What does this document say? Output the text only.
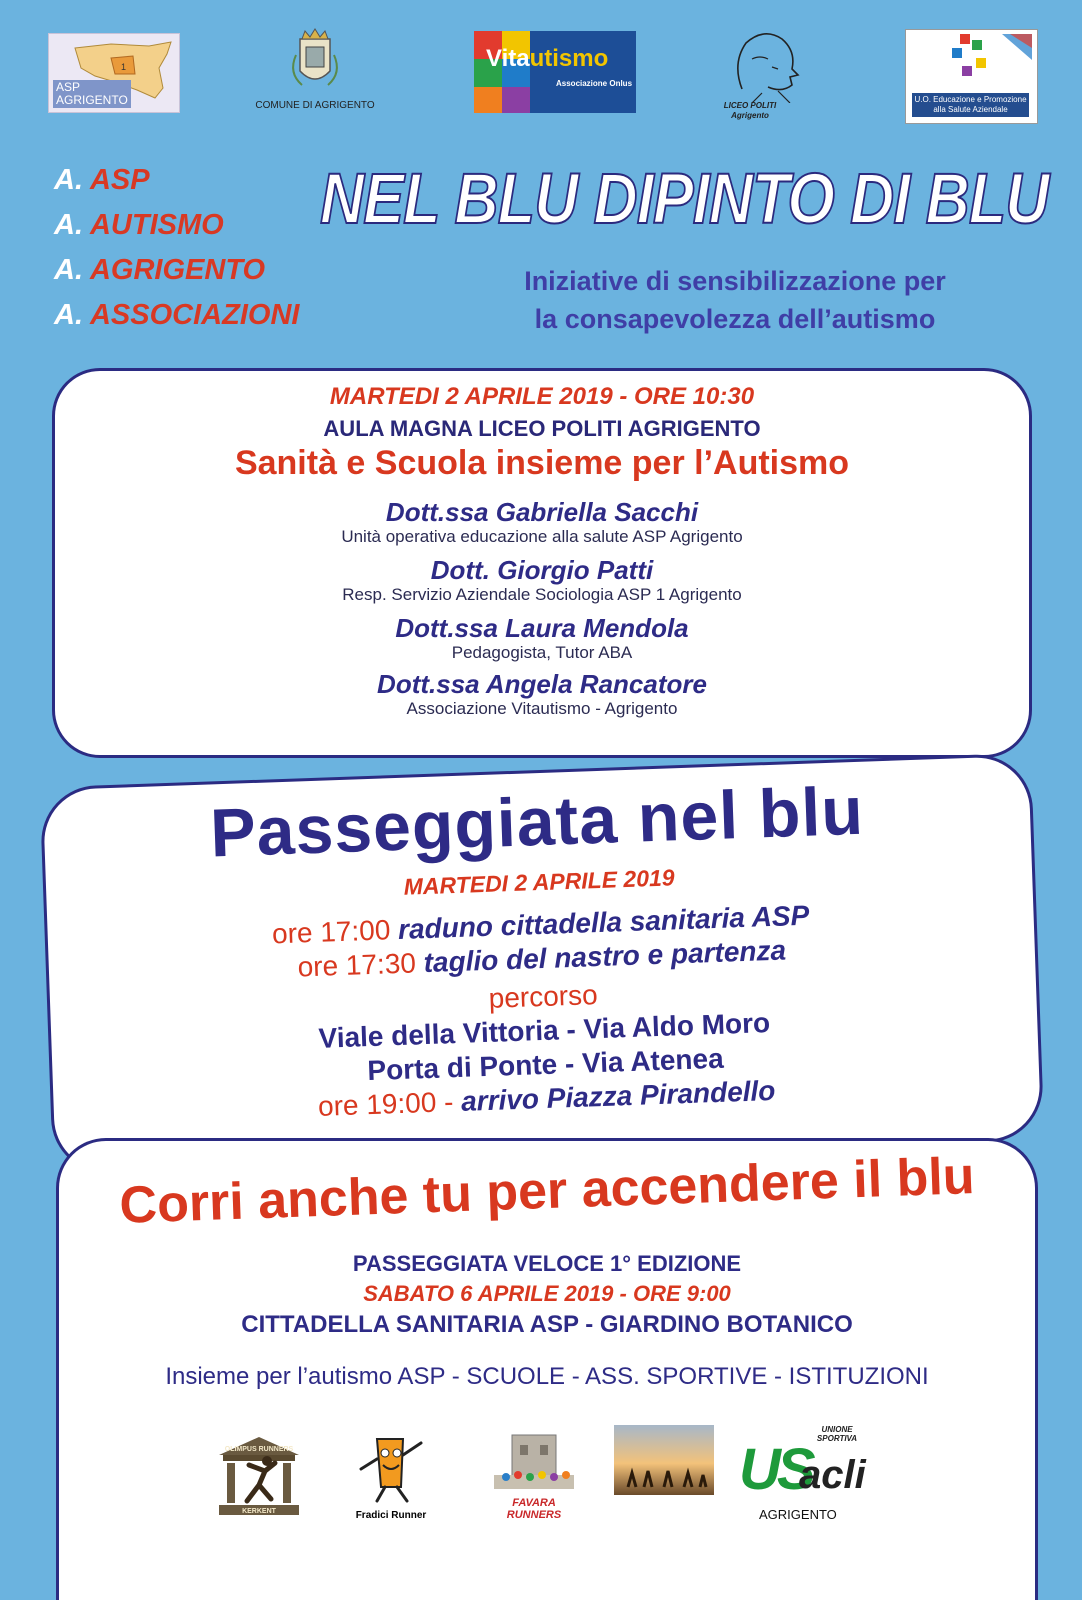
1
ASP
AGRIGENTO	COMUNE DI AGRIGENTO
Vitautismo
Associazione Onlus
LICEO POLITI
Agrigento
U.O. Educazione e Promozione
alla Salute Aziendale
A. ASP
A. AUTISMO
A. AGRIGENTO
A. ASSOCIAZIONI
NEL BLU DIPINTO DI BLU
Iniziative di sensibilizzazione per
la consapevolezza dell’autismo
MARTEDI 2 APRILE 2019 - ORE 10:30
AULA MAGNA LICEO POLITI AGRIGENTO
Sanità e Scuola insieme per l’Autismo
Dott.ssa Gabriella Sacchi
Unità operativa educazione alla salute ASP Agrigento
Dott. Giorgio Patti
Resp. Servizio Aziendale Sociologia ASP 1 Agrigento
Dott.ssa Laura Mendola
Pedagogista, Tutor ABA
Dott.ssa Angela Rancatore
Associazione Vitautismo - Agrigento
Passeggiata nel blu
MARTEDI 2 APRILE 2019
ore 17:00 raduno cittadella sanitaria ASP
ore 17:30 taglio del nastro e partenza
percorso
Viale della Vittoria - Via Aldo Moro
Porta di Ponte - Via Atenea
ore 19:00 - arrivo Piazza Pirandello
Corri anche tu per accendere il blu
PASSEGGIATA VELOCE 1° EDIZIONE
SABATO 6 APRILE 2019 - ORE 9:00
CITTADELLA SANITARIA ASP - GIARDINO BOTANICO
Insieme per l’autismo ASP - SCUOLE - ASS. SPORTIVE - ISTITUZIONI
OLIMPUS RUNNERS
KERKENT	Fradici Runner
FAVARA RUNNERS
UNIONE SPORTIVA
US
acli
AGRIGENTO
